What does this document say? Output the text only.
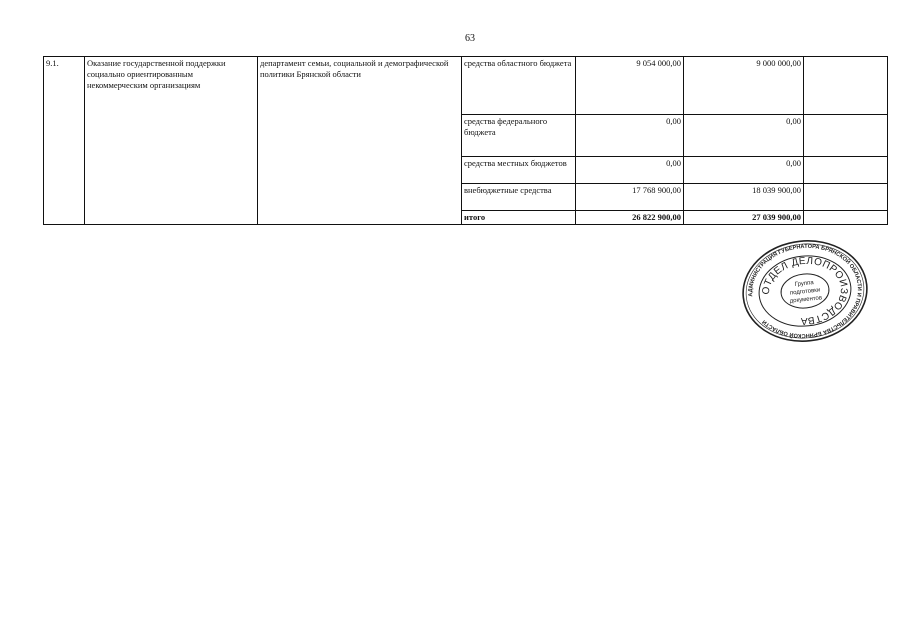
63
9.1.	Оказание государственной поддержки социально ориентированным некоммерческим организациям	департамент семьи, социальной и демографической политики Брянской области	средства областного бюджета	9 054 000,00	9 000 000,00	
			средства федерального бюджета	0,00	0,00	
			средства местных бюджетов	0,00	0,00	
			внебюджетные средства	17 768 900,00	18 039 900,00	
			итого	26 822 900,00	27 039 900,00	
АДМИНИСТРАЦИЯ ГУБЕРНАТОРА БРЯНСКОЙ ОБЛАСТИ И ПРАВИТЕЛЬСТВА БРЯНСКОЙ ОБЛАСТИ
ОТДЕЛ ДЕЛОПРОИЗВОДСТВА
Группа
подготовки
документов
